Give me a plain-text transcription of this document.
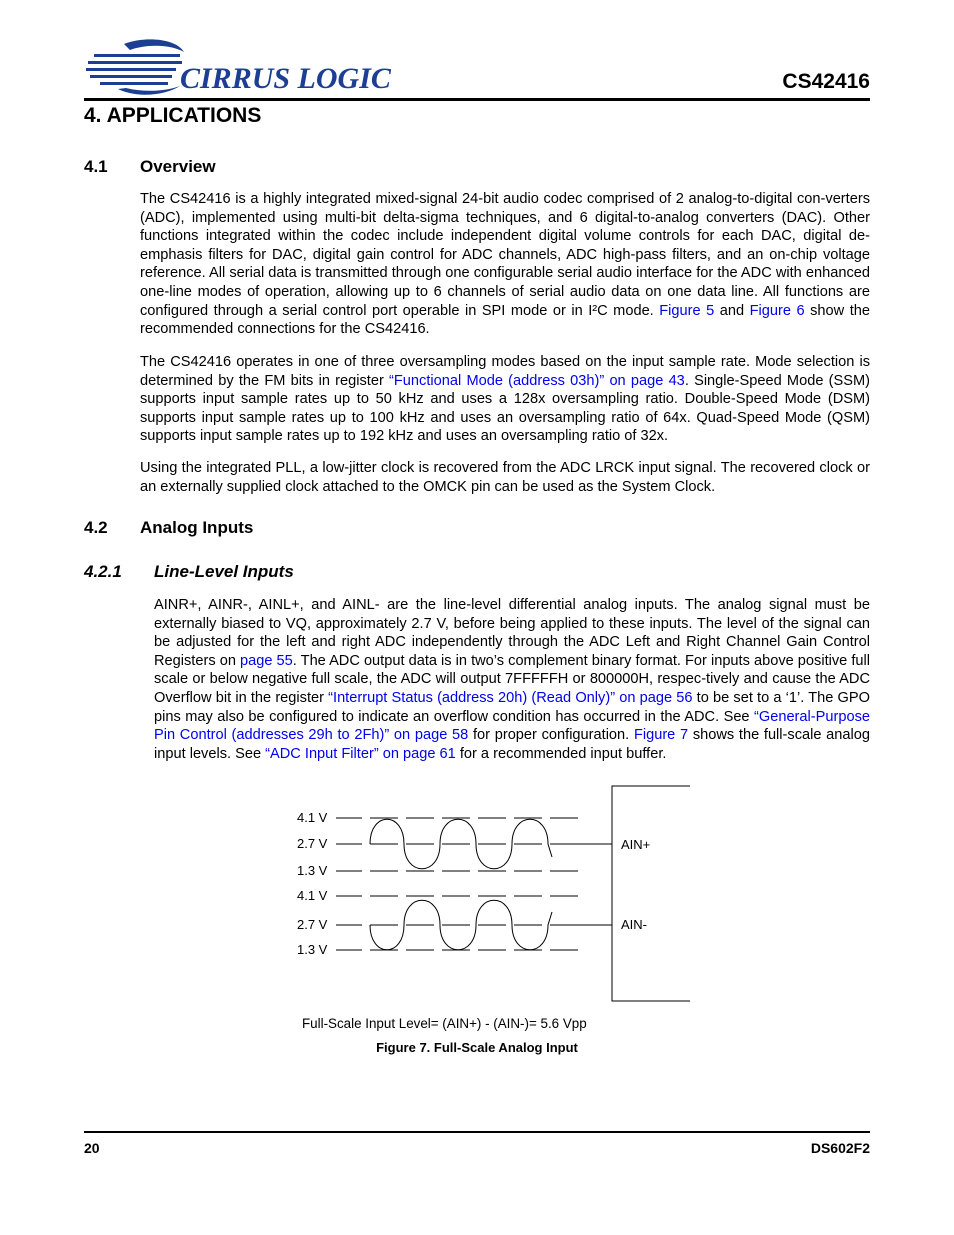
CIRRUS LOGIC	CS42416
4. APPLICATIONS
4.1 Overview

The CS42416 is a highly integrated mixed-signal 24-bit audio codec comprised of 2 analog-to-digital con-verters (ADC), implemented using multi-bit delta-sigma techniques, and 6 digital-to-analog converters (DAC). Other functions integrated within the codec include independent digital volume controls for each DAC, digital de-emphasis filters for DAC, digital gain control for ADC channels, ADC high-pass filters, and an on-chip voltage reference. All serial data is transmitted through one configurable serial audio interface for the ADC with enhanced one-line modes of operation, allowing up to 6 channels of serial audio data on one data line. All functions are configured through a serial control port operable in SPI mode or in I²C mode. Figure 5 and Figure 6 show the recommended connections for the CS42416.

The CS42416 operates in one of three oversampling modes based on the input sample rate. Mode selection is determined by the FM bits in register “Functional Mode (address 03h)” on page 43. Single-Speed Mode (SSM) supports input sample rates up to 50 kHz and uses a 128x oversampling ratio. Double-Speed Mode (DSM) supports input sample rates up to 100 kHz and uses an oversampling ratio of 64x. Quad-Speed Mode (QSM) supports input sample rates up to 192 kHz and uses an oversampling ratio of 32x.

Using the integrated PLL, a low-jitter clock is recovered from the ADC LRCK input signal. The recovered clock or an externally supplied clock attached to the OMCK pin can be used as the System Clock.

4.2 Analog Inputs
4.2.1 Line-Level Inputs

AINR+, AINR-, AINL+, and AINL- are the line-level differential analog inputs. The analog signal must be externally biased to VQ, approximately 2.7 V, before being applied to these inputs. The level of the signal can be adjusted for the left and right ADC independently through the ADC Left and Right Channel Gain Control Registers on page 55. The ADC output data is in two’s complement binary format. For inputs above positive full scale or below negative full scale, the ADC will output 7FFFFFH or 800000H, respec-tively and cause the ADC Overflow bit in the register “Interrupt Status (address 20h) (Read Only)” on page 56 to be set to a ‘1’. The GPO pins may also be configured to indicate an overflow condition has occurred in the ADC. See “General-Purpose Pin Control (addresses 29h to 2Fh)” on page 58 for proper configuration. Figure 7 shows the full-scale analog input levels. See “ADC Input Filter” on page 61 for a recommended input buffer.

4.1 V
2.7 V
1.3 V
4.1 V
2.7 V
1.3 V
AIN+
AIN-
Full-Scale Input Level= (AIN+) - (AIN-)= 5.6 Vpp
Figure 7. Full-Scale Analog Input
20	DS602F2
